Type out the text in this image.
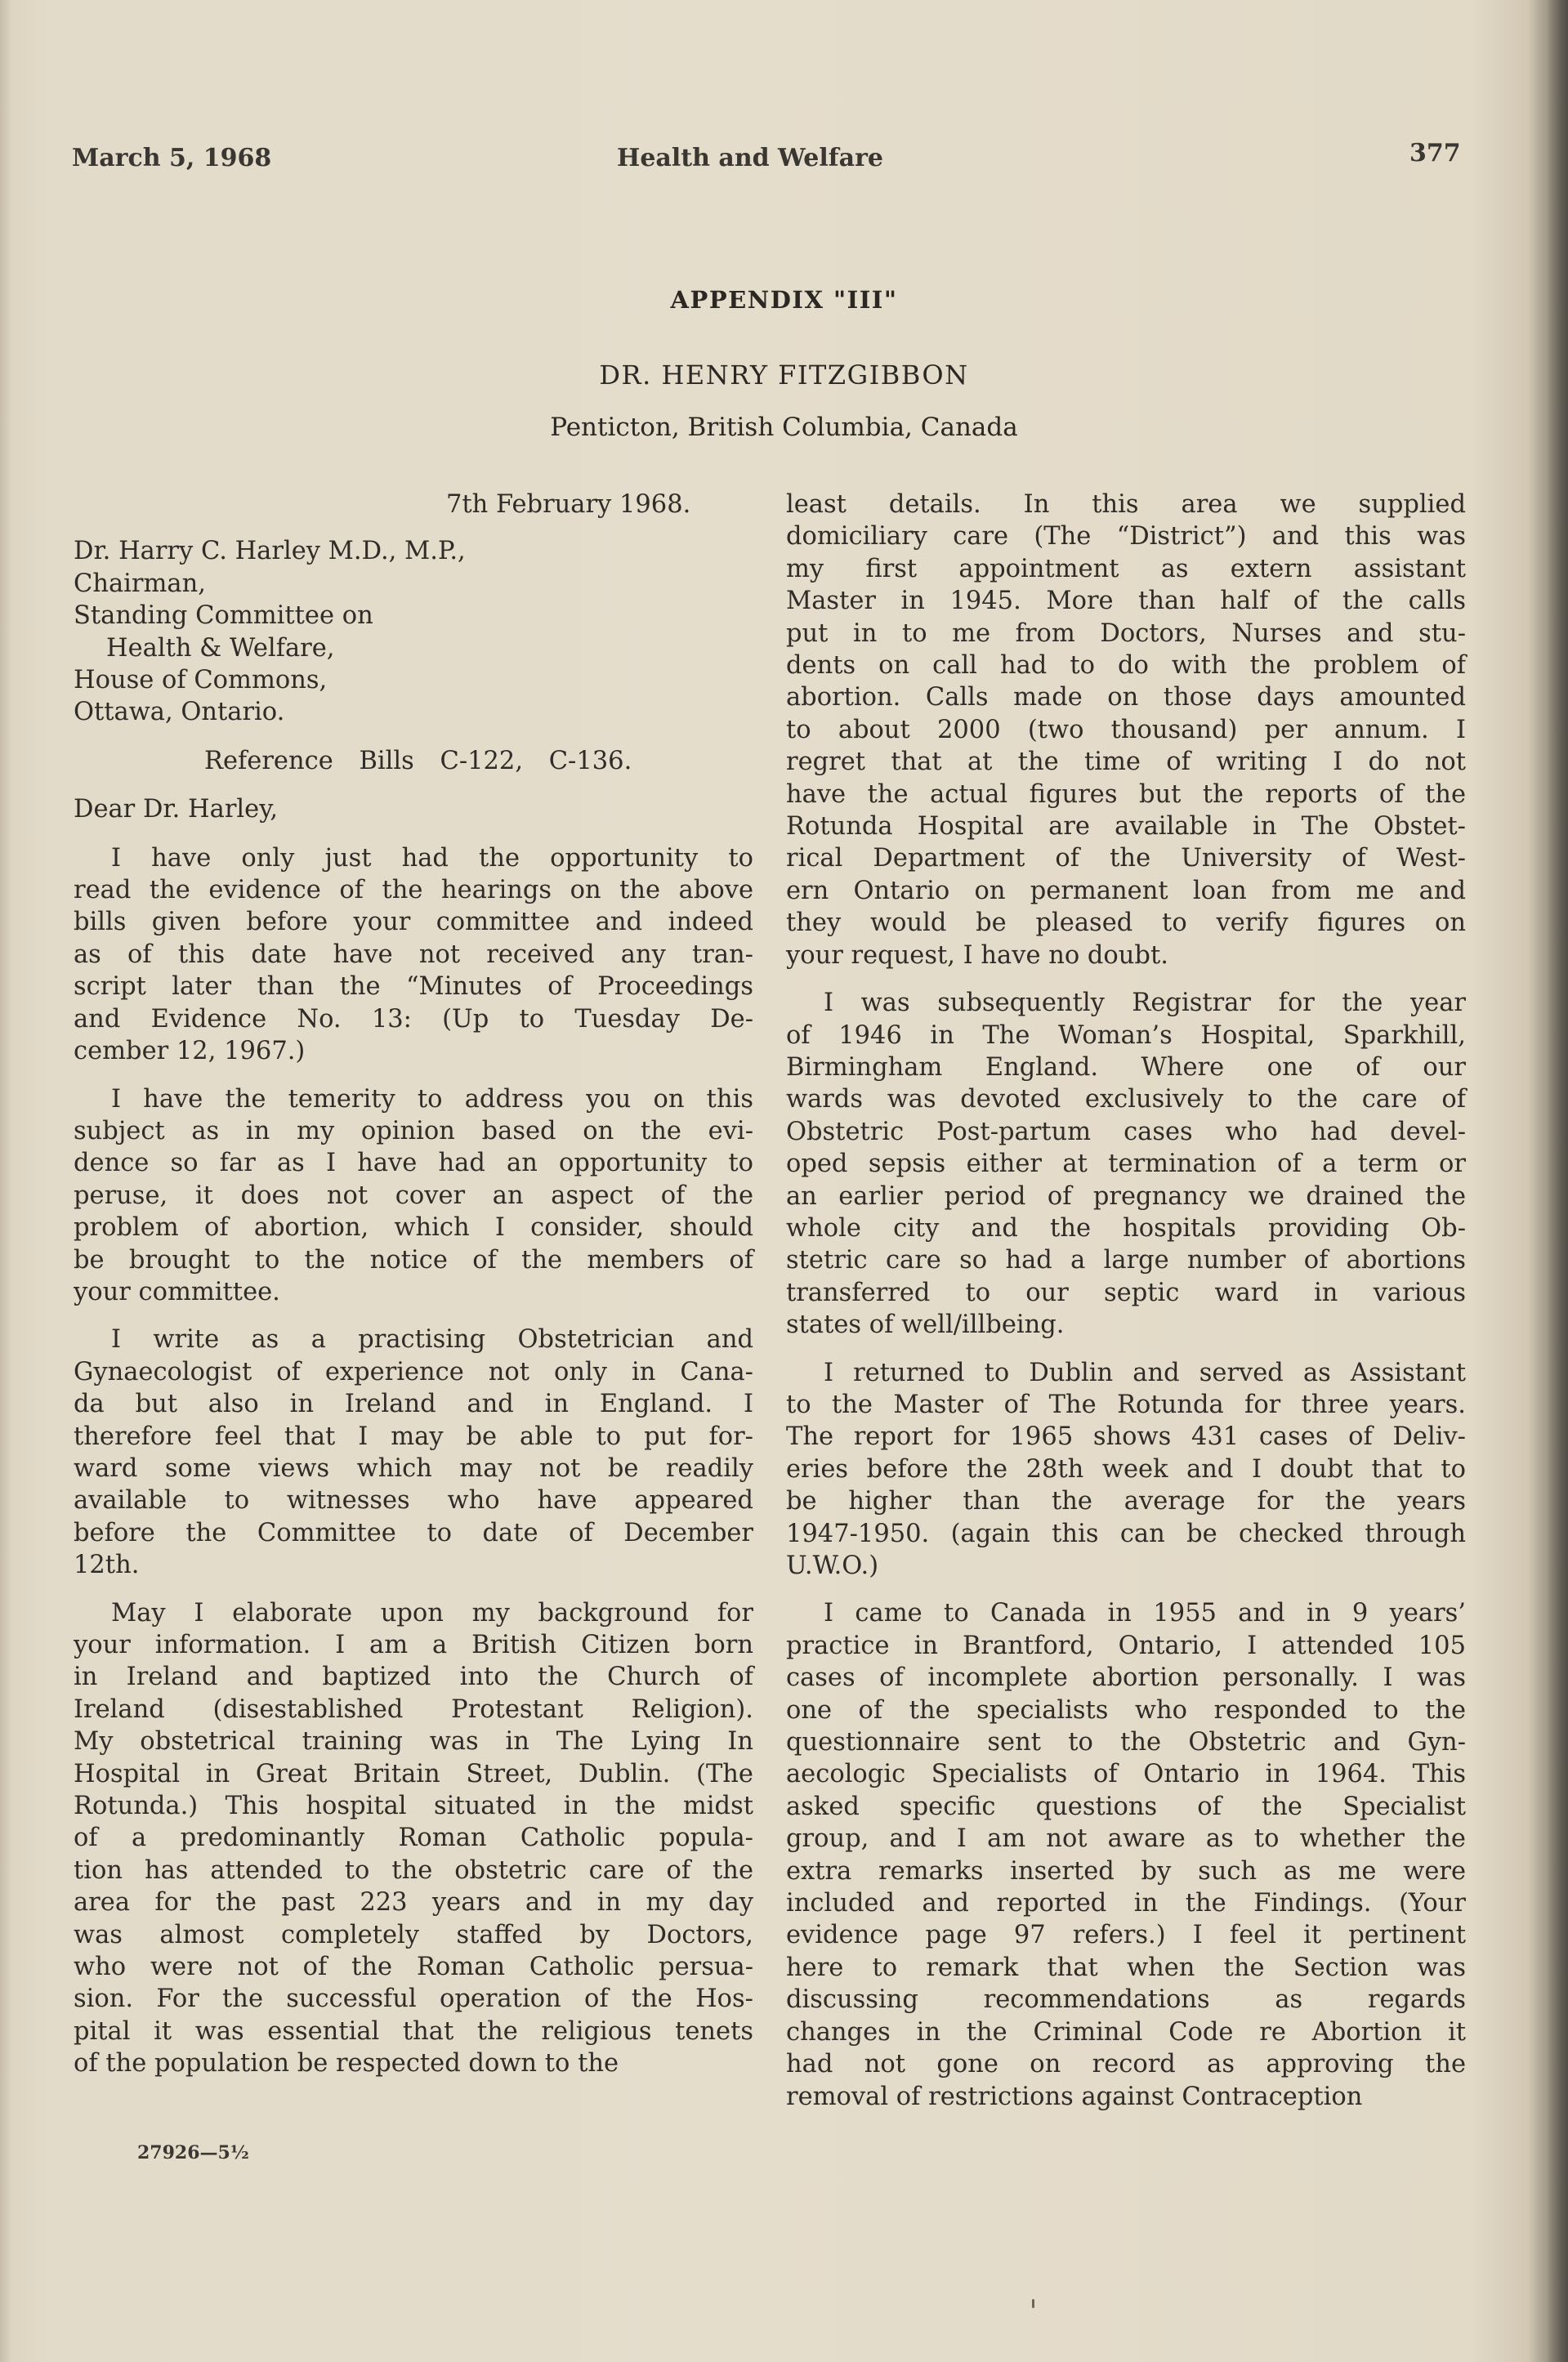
March 5, 1968	Health and Welfare	377
APPENDIX "III"
DR. HENRY FITZGIBBON
Penticton, British Columbia, Canada
7th February 1968.
Dr. Harry C. Harley M.D., M.P.,
Chairman,
Standing Committee on
Health & Welfare,
House of Commons,
Ottawa, Ontario.
Reference Bills C-122, C-136.
Dear Dr. Harley,
I have only just had the opportunity to
read the evidence of the hearings on the above
bills given before your committee and indeed
as of this date have not received any tran-
script later than the “Minutes of Proceedings
and Evidence No. 13: (Up to Tuesday De-
cember 12, 1967.)
I have the temerity to address you on this
subject as in my opinion based on the evi-
dence so far as I have had an opportunity to
peruse, it does not cover an aspect of the
problem of abortion, which I consider, should
be brought to the notice of the members of
your committee.
I write as a practising Obstetrician and
Gynaecologist of experience not only in Cana-
da but also in Ireland and in England. I
therefore feel that I may be able to put for-
ward some views which may not be readily
available to witnesses who have appeared
before the Committee to date of December
12th.
May I elaborate upon my background for
your information. I am a British Citizen born
in Ireland and baptized into the Church of
Ireland (disestablished Protestant Religion).
My obstetrical training was in The Lying In
Hospital in Great Britain Street, Dublin. (The
Rotunda.) This hospital situated in the midst
of a predominantly Roman Catholic popula-
tion has attended to the obstetric care of the
area for the past 223 years and in my day
was almost completely staffed by Doctors,
who were not of the Roman Catholic persua-
sion. For the successful operation of the Hos-
pital it was essential that the religious tenets
of the population be respected down to the
least details. In this area we supplied
domiciliary care (The “District”) and this was
my first appointment as extern assistant
Master in 1945. More than half of the calls
put in to me from Doctors, Nurses and stu-
dents on call had to do with the problem of
abortion. Calls made on those days amounted
to about 2000 (two thousand) per annum. I
regret that at the time of writing I do not
have the actual figures but the reports of the
Rotunda Hospital are available in The Obstet-
rical Department of the University of West-
ern Ontario on permanent loan from me and
they would be pleased to verify figures on
your request, I have no doubt.
I was subsequently Registrar for the year
of 1946 in The Woman’s Hospital, Sparkhill,
Birmingham England. Where one of our
wards was devoted exclusively to the care of
Obstetric Post-partum cases who had devel-
oped sepsis either at termination of a term or
an earlier period of pregnancy we drained the
whole city and the hospitals providing Ob-
stetric care so had a large number of abortions
transferred to our septic ward in various
states of well/illbeing.
I returned to Dublin and served as Assistant
to the Master of The Rotunda for three years.
The report for 1965 shows 431 cases of Deliv-
eries before the 28th week and I doubt that to
be higher than the average for the years
1947-1950. (again this can be checked through
U.W.O.)
I came to Canada in 1955 and in 9 years’
practice in Brantford, Ontario, I attended 105
cases of incomplete abortion personally. I was
one of the specialists who responded to the
questionnaire sent to the Obstetric and Gyn-
aecologic Specialists of Ontario in 1964. This
asked specific questions of the Specialist
group, and I am not aware as to whether the
extra remarks inserted by such as me were
included and reported in the Findings. (Your
evidence page 97 refers.) I feel it pertinent
here to remark that when the Section was
discussing recommendations as regards
changes in the Criminal Code re Abortion it
had not gone on record as approving the
removal of restrictions against Contraception
27926—5½
